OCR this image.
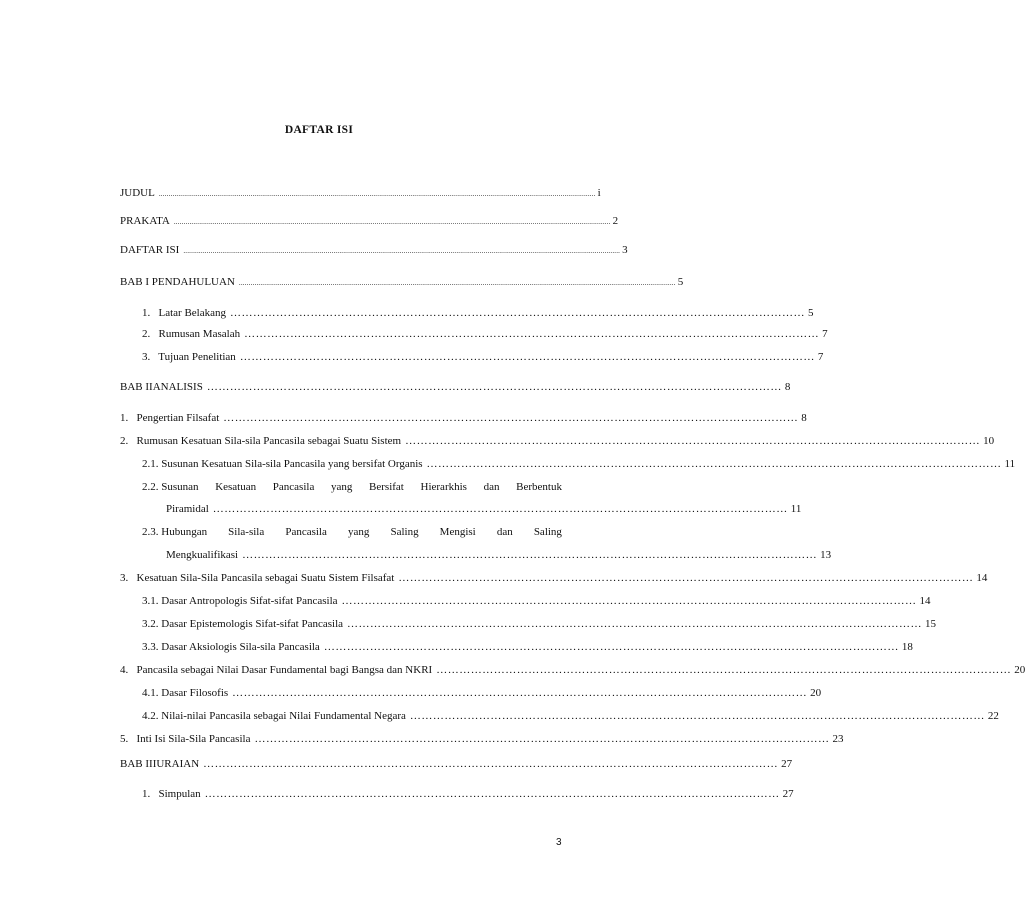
DAFTAR ISI
JUDUL ................................................................................................................................................................................................................................ i
PRAKATA ................................................................................................................................................................................................................................ 2
DAFTAR ISI ................................................................................................................................................................................................................................ 3
BAB I PENDAHULUAN ................................................................................................................................................................................................................................ 5
1.   Latar Belakang …………………………………………………………………………………………………………………………………… 5
2.   Rumusan Masalah …………………………………………………………………………………………………………………………………… 7
3.   Tujuan Penelitian …………………………………………………………………………………………………………………………………… 7
BAB II ANALISIS …………………………………………………………………………………………………………………………………… 8
1.   Pengertian Filsafat …………………………………………………………………………………………………………………………………… 8
2.   Rumusan Kesatuan Sila-sila Pancasila sebagai Suatu Sistem …………………………………………………………………………………………………………………………………… 10
2.1. Susunan Kesatuan Sila-sila Pancasila yang bersifat Organis …………………………………………………………………………………………………………………………………… 11
2.2. Susunan Kesatuan Pancasila yang Bersifat Hierarkhis dan Berbentuk
Piramidal …………………………………………………………………………………………………………………………………… 11
2.3. Hubungan Sila-sila Pancasila yang Saling Mengisi dan Saling
Mengkualifikasi …………………………………………………………………………………………………………………………………… 13
3.   Kesatuan Sila-Sila Pancasila sebagai Suatu Sistem Filsafat …………………………………………………………………………………………………………………………………… 14
3.1. Dasar Antropologis Sifat-sifat Pancasila …………………………………………………………………………………………………………………………………… 14
3.2. Dasar Epistemologis Sifat-sifat Pancasila …………………………………………………………………………………………………………………………………… 15
3.3. Dasar Aksiologis Sila-sila Pancasila …………………………………………………………………………………………………………………………………… 18
4.   Pancasila sebagai Nilai Dasar Fundamental bagi Bangsa dan NKRI …………………………………………………………………………………………………………………………………… 20
4.1. Dasar Filosofis …………………………………………………………………………………………………………………………………… 20
4.2. Nilai-nilai Pancasila sebagai Nilai Fundamental Negara …………………………………………………………………………………………………………………………………… 22
5.   Inti Isi Sila-Sila Pancasila …………………………………………………………………………………………………………………………………… 23
BAB III URAIAN …………………………………………………………………………………………………………………………………… 27
1.   Simpulan …………………………………………………………………………………………………………………………………… 27
3
